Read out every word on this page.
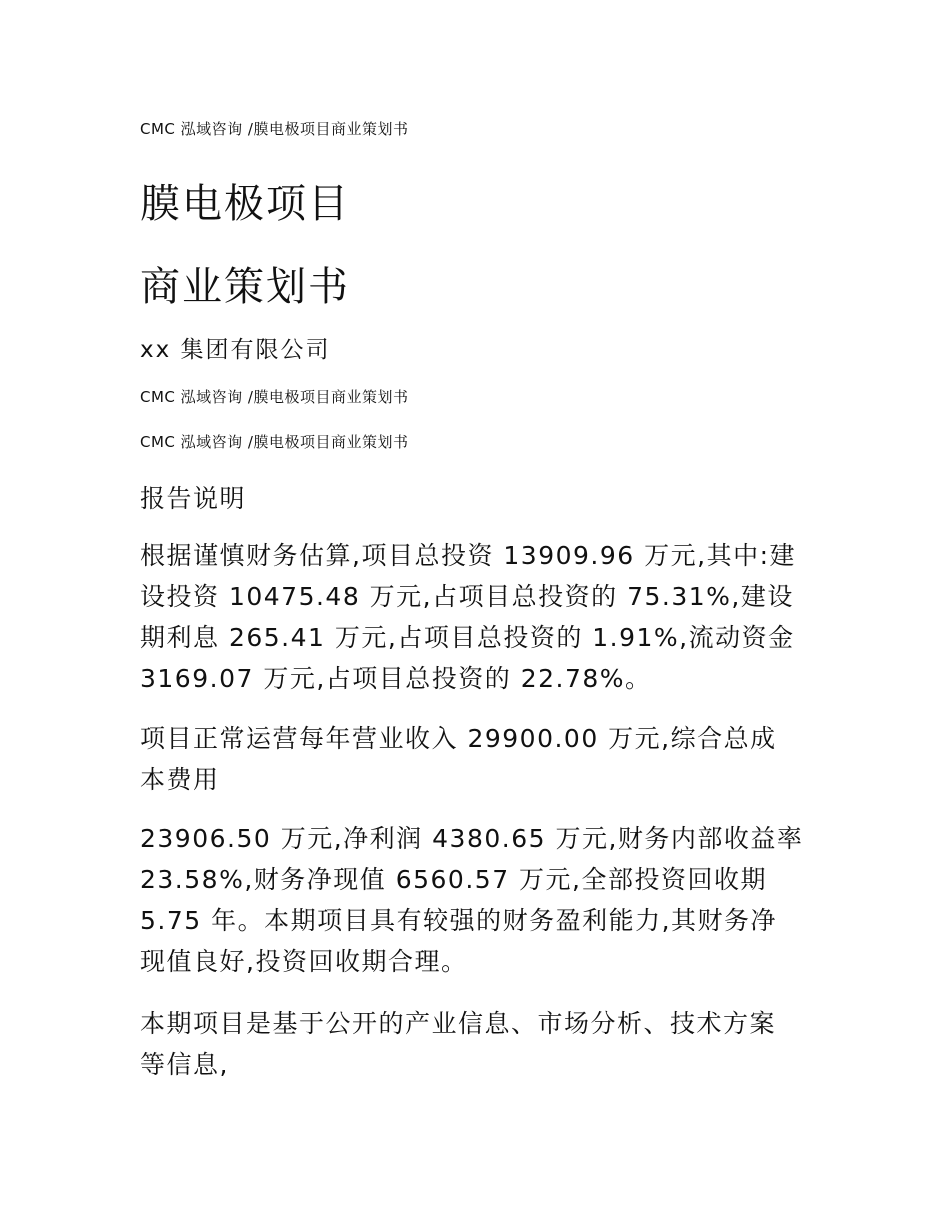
CMC 泓域咨询 /膜电极项目商业策划书
膜电极项目
商业策划书
xx 集团有限公司
CMC 泓域咨询 /膜电极项目商业策划书
CMC 泓域咨询 /膜电极项目商业策划书
报告说明
根据谨慎财务估算,项目总投资 13909.96 万元,其中:建
设投资 10475.48 万元,占项目总投资的 75.31%,建设
期利息 265.41 万元,占项目总投资的 1.91%,流动资金
3169.07 万元,占项目总投资的 22.78%。
项目正常运营每年营业收入 29900.00 万元,综合总成
本费用
23906.50 万元,净利润 4380.65 万元,财务内部收益率
23.58%,财务净现值 6560.57 万元,全部投资回收期
5.75 年。本期项目具有较强的财务盈利能力,其财务净
现值良好,投资回收期合理。
本期项目是基于公开的产业信息、市场分析、技术方案
等信息,
